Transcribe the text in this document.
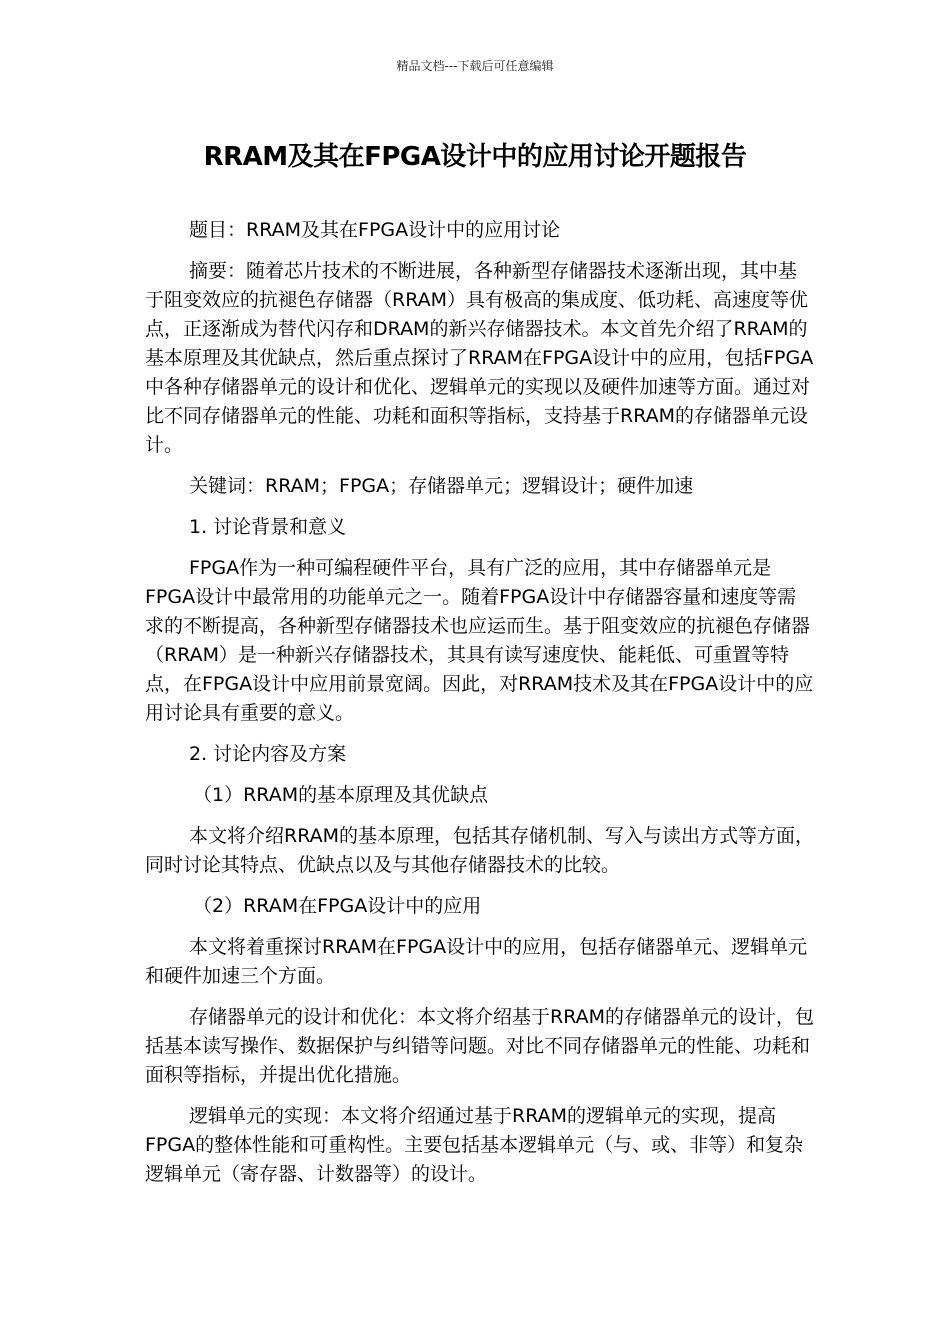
精品文档---下载后可任意编辑
RRAM及其在FPGA设计中的应用讨论开题报告

题目：RRAM及其在FPGA设计中的应用讨论

摘要：随着芯片技术的不断进展，各种新型存储器技术逐渐出现，其中基于阻变效应的抗褪色存储器（RRAM）具有极高的集成度、低功耗、高速度等优点，正逐渐成为替代闪存和DRAM的新兴存储器技术。本文首先介绍了RRAM的基本原理及其优缺点，然后重点探讨了RRAM在FPGA设计中的应用，包括FPGA中各种存储器单元的设计和优化、逻辑单元的实现以及硬件加速等方面。通过对比不同存储器单元的性能、功耗和面积等指标，支持基于RRAM的存储器单元设计。

关键词：RRAM；FPGA；存储器单元；逻辑设计；硬件加速

1. 讨论背景和意义

FPGA作为一种可编程硬件平台，具有广泛的应用，其中存储器单元是FPGA设计中最常用的功能单元之一。随着FPGA设计中存储器容量和速度等需求的不断提高，各种新型存储器技术也应运而生。基于阻变效应的抗褪色存储器（RRAM）是一种新兴存储器技术，其具有读写速度快、能耗低、可重置等特点，在FPGA设计中应用前景宽阔。因此，对RRAM技术及其在FPGA设计中的应用讨论具有重要的意义。

2. 讨论内容及方案

（1）RRAM的基本原理及其优缺点

本文将介绍RRAM的基本原理，包括其存储机制、写入与读出方式等方面，同时讨论其特点、优缺点以及与其他存储器技术的比较。

（2）RRAM在FPGA设计中的应用

本文将着重探讨RRAM在FPGA设计中的应用，包括存储器单元、逻辑单元和硬件加速三个方面。

存储器单元的设计和优化：本文将介绍基于RRAM的存储器单元的设计，包括基本读写操作、数据保护与纠错等问题。对比不同存储器单元的性能、功耗和面积等指标，并提出优化措施。

逻辑单元的实现：本文将介绍通过基于RRAM的逻辑单元的实现，提高FPGA的整体性能和可重构性。主要包括基本逻辑单元（与、或、非等）和复杂逻辑单元（寄存器、计数器等）的设计。
